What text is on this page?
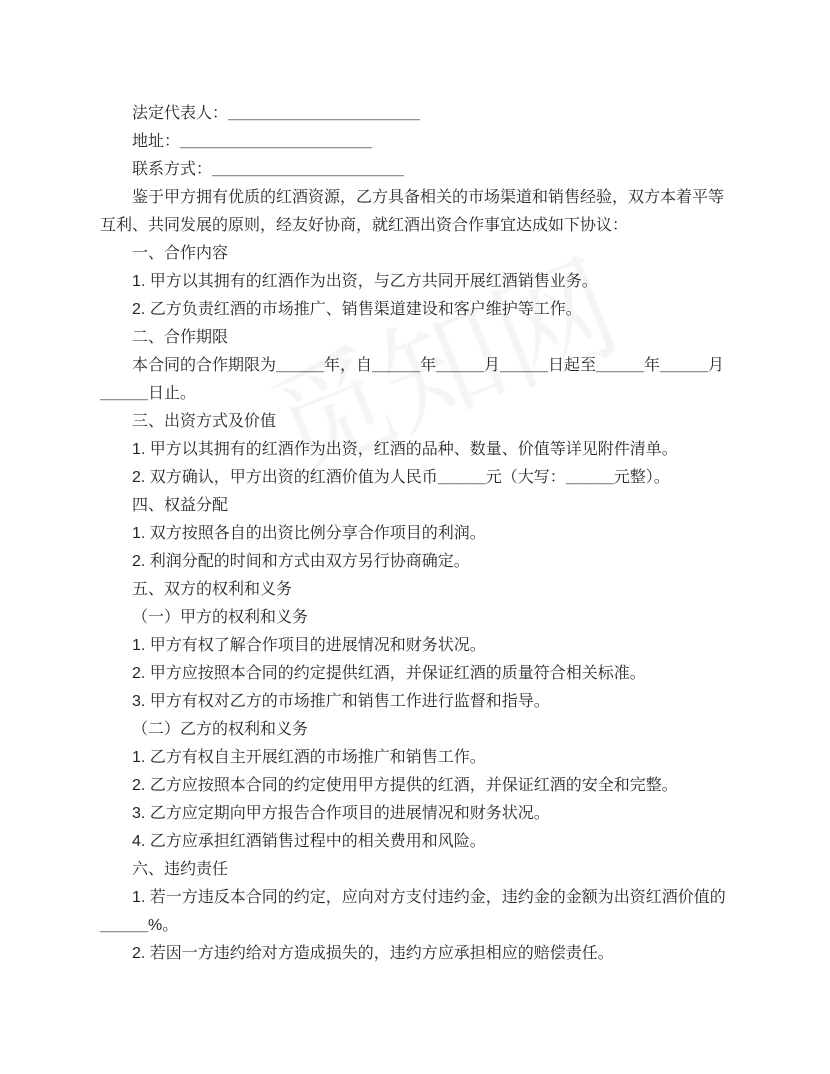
法定代表人：＿＿＿＿＿＿＿＿＿＿＿＿

地址：＿＿＿＿＿＿＿＿＿＿＿＿

联系方式：＿＿＿＿＿＿＿＿＿＿＿＿

鉴于甲方拥有优质的红酒资源，乙方具备相关的市场渠道和销售经验，双方本着平等互利、共同发展的原则，经友好协商，就红酒出资合作事宜达成如下协议：

一、合作内容

1. 甲方以其拥有的红酒作为出资，与乙方共同开展红酒销售业务。

2. 乙方负责红酒的市场推广、销售渠道建设和客户维护等工作。

二、合作期限

本合同的合作期限为＿＿＿年，自＿＿＿年＿＿＿月＿＿＿日起至＿＿＿年＿＿＿月＿＿＿日止。

三、出资方式及价值

1. 甲方以其拥有的红酒作为出资，红酒的品种、数量、价值等详见附件清单。

2. 双方确认，甲方出资的红酒价值为人民币＿＿＿元（大写：＿＿＿元整）。

四、权益分配

1. 双方按照各自的出资比例分享合作项目的利润。

2. 利润分配的时间和方式由双方另行协商确定。

五、双方的权利和义务

（一）甲方的权利和义务

1. 甲方有权了解合作项目的进展情况和财务状况。

2. 甲方应按照本合同的约定提供红酒，并保证红酒的质量符合相关标准。

3. 甲方有权对乙方的市场推广和销售工作进行监督和指导。

（二）乙方的权利和义务

1. 乙方有权自主开展红酒的市场推广和销售工作。

2. 乙方应按照本合同的约定使用甲方提供的红酒，并保证红酒的安全和完整。

3. 乙方应定期向甲方报告合作项目的进展情况和财务状况。

4. 乙方应承担红酒销售过程中的相关费用和风险。

六、违约责任

1. 若一方违反本合同的约定，应向对方支付违约金，违约金的金额为出资红酒价值的＿＿＿%。

2. 若因一方违约给对方造成损失的，违约方应承担相应的赔偿责任。
